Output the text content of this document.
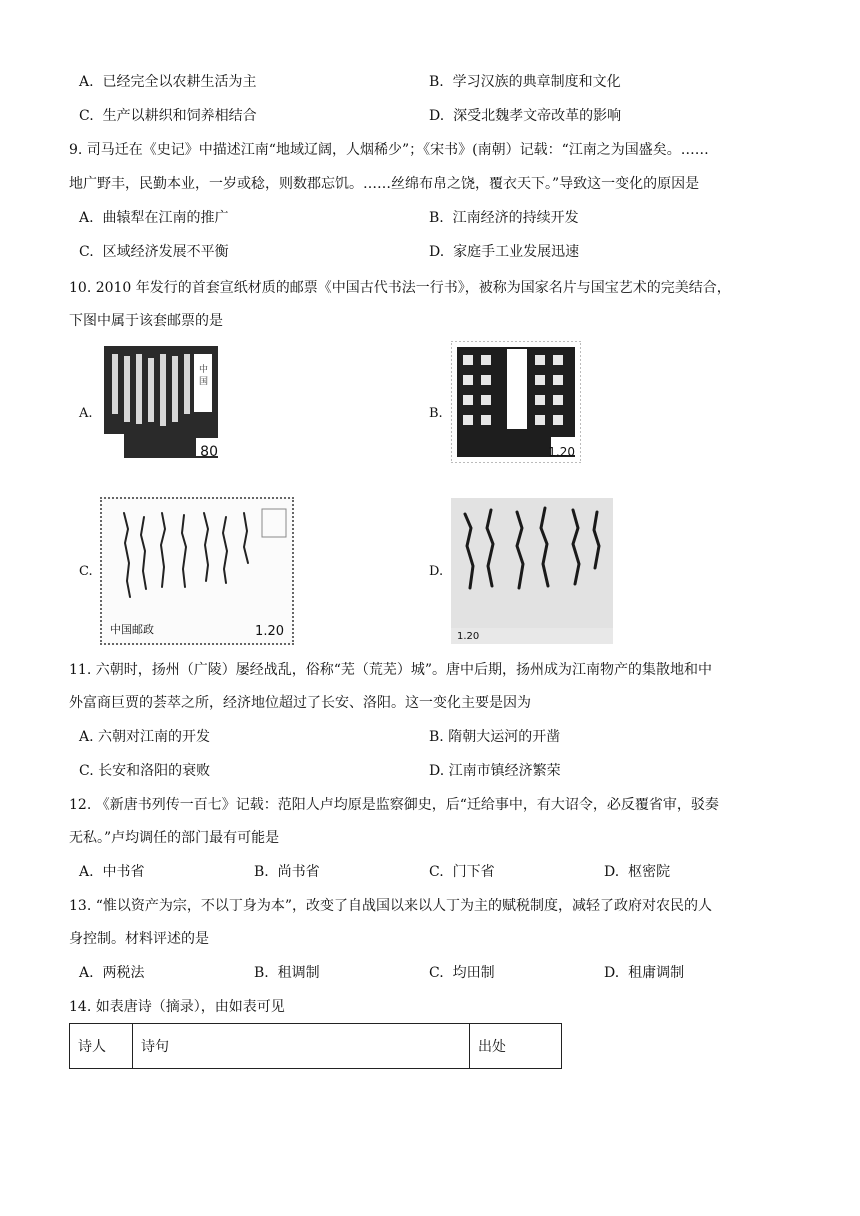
A. 已经完全以农耕生活为主	B. 学习汉族的典章制度和文化
C. 生产以耕织和饲养相结合	D. 深受北魏孝文帝改革的影响
9. 司马迁在《史记》中描述江南“地域辽阔，人烟稀少”；《宋书》(南朝）记载：“江南之为国盛矣。……
地广野丰，民勤本业，一岁或稔，则数郡忘饥。……丝绵布帛之饶，覆衣天下。”导致这一变化的原因是
A. 曲辕犁在江南的推广	B. 江南经济的持续开发
C. 区域经济发展不平衡	D. 家庭手工业发展迅速
10. 2010 年发行的首套宣纸材质的邮票《中国古代书法一行书》，被称为国家名片与国宝艺术的完美结合，
下图中属于该套邮票的是
A.
中
国
80
B.
1.20
C.
中国邮政	1.20
D.
1.20
11. 六朝时，扬州（广陵）屡经战乱，俗称“芜（荒芜）城”。唐中后期，扬州成为江南物产的集散地和中
外富商巨贾的荟萃之所，经济地位超过了长安、洛阳。这一变化主要是因为
A. 六朝对江南的开发	B. 隋朝大运河的开凿
C. 长安和洛阳的衰败	D. 江南市镇经济繁荣
12. 《新唐书列传一百七》记载：范阳人卢均原是监察御史，后“迁给事中，有大诏令，必反覆省审，驳奏
无私。”卢均调任的部门最有可能是
A. 中书省	B. 尚书省	C. 门下省	D. 枢密院
13. “惟以资产为宗，不以丁身为本”，改变了自战国以来以人丁为主的赋税制度，减轻了政府对农民的人
身控制。材料评述的是
A. 两税法	B. 租调制	C. 均田制	D. 租庸调制
14. 如表唐诗（摘录），由如表可见
诗人	诗句	出处
